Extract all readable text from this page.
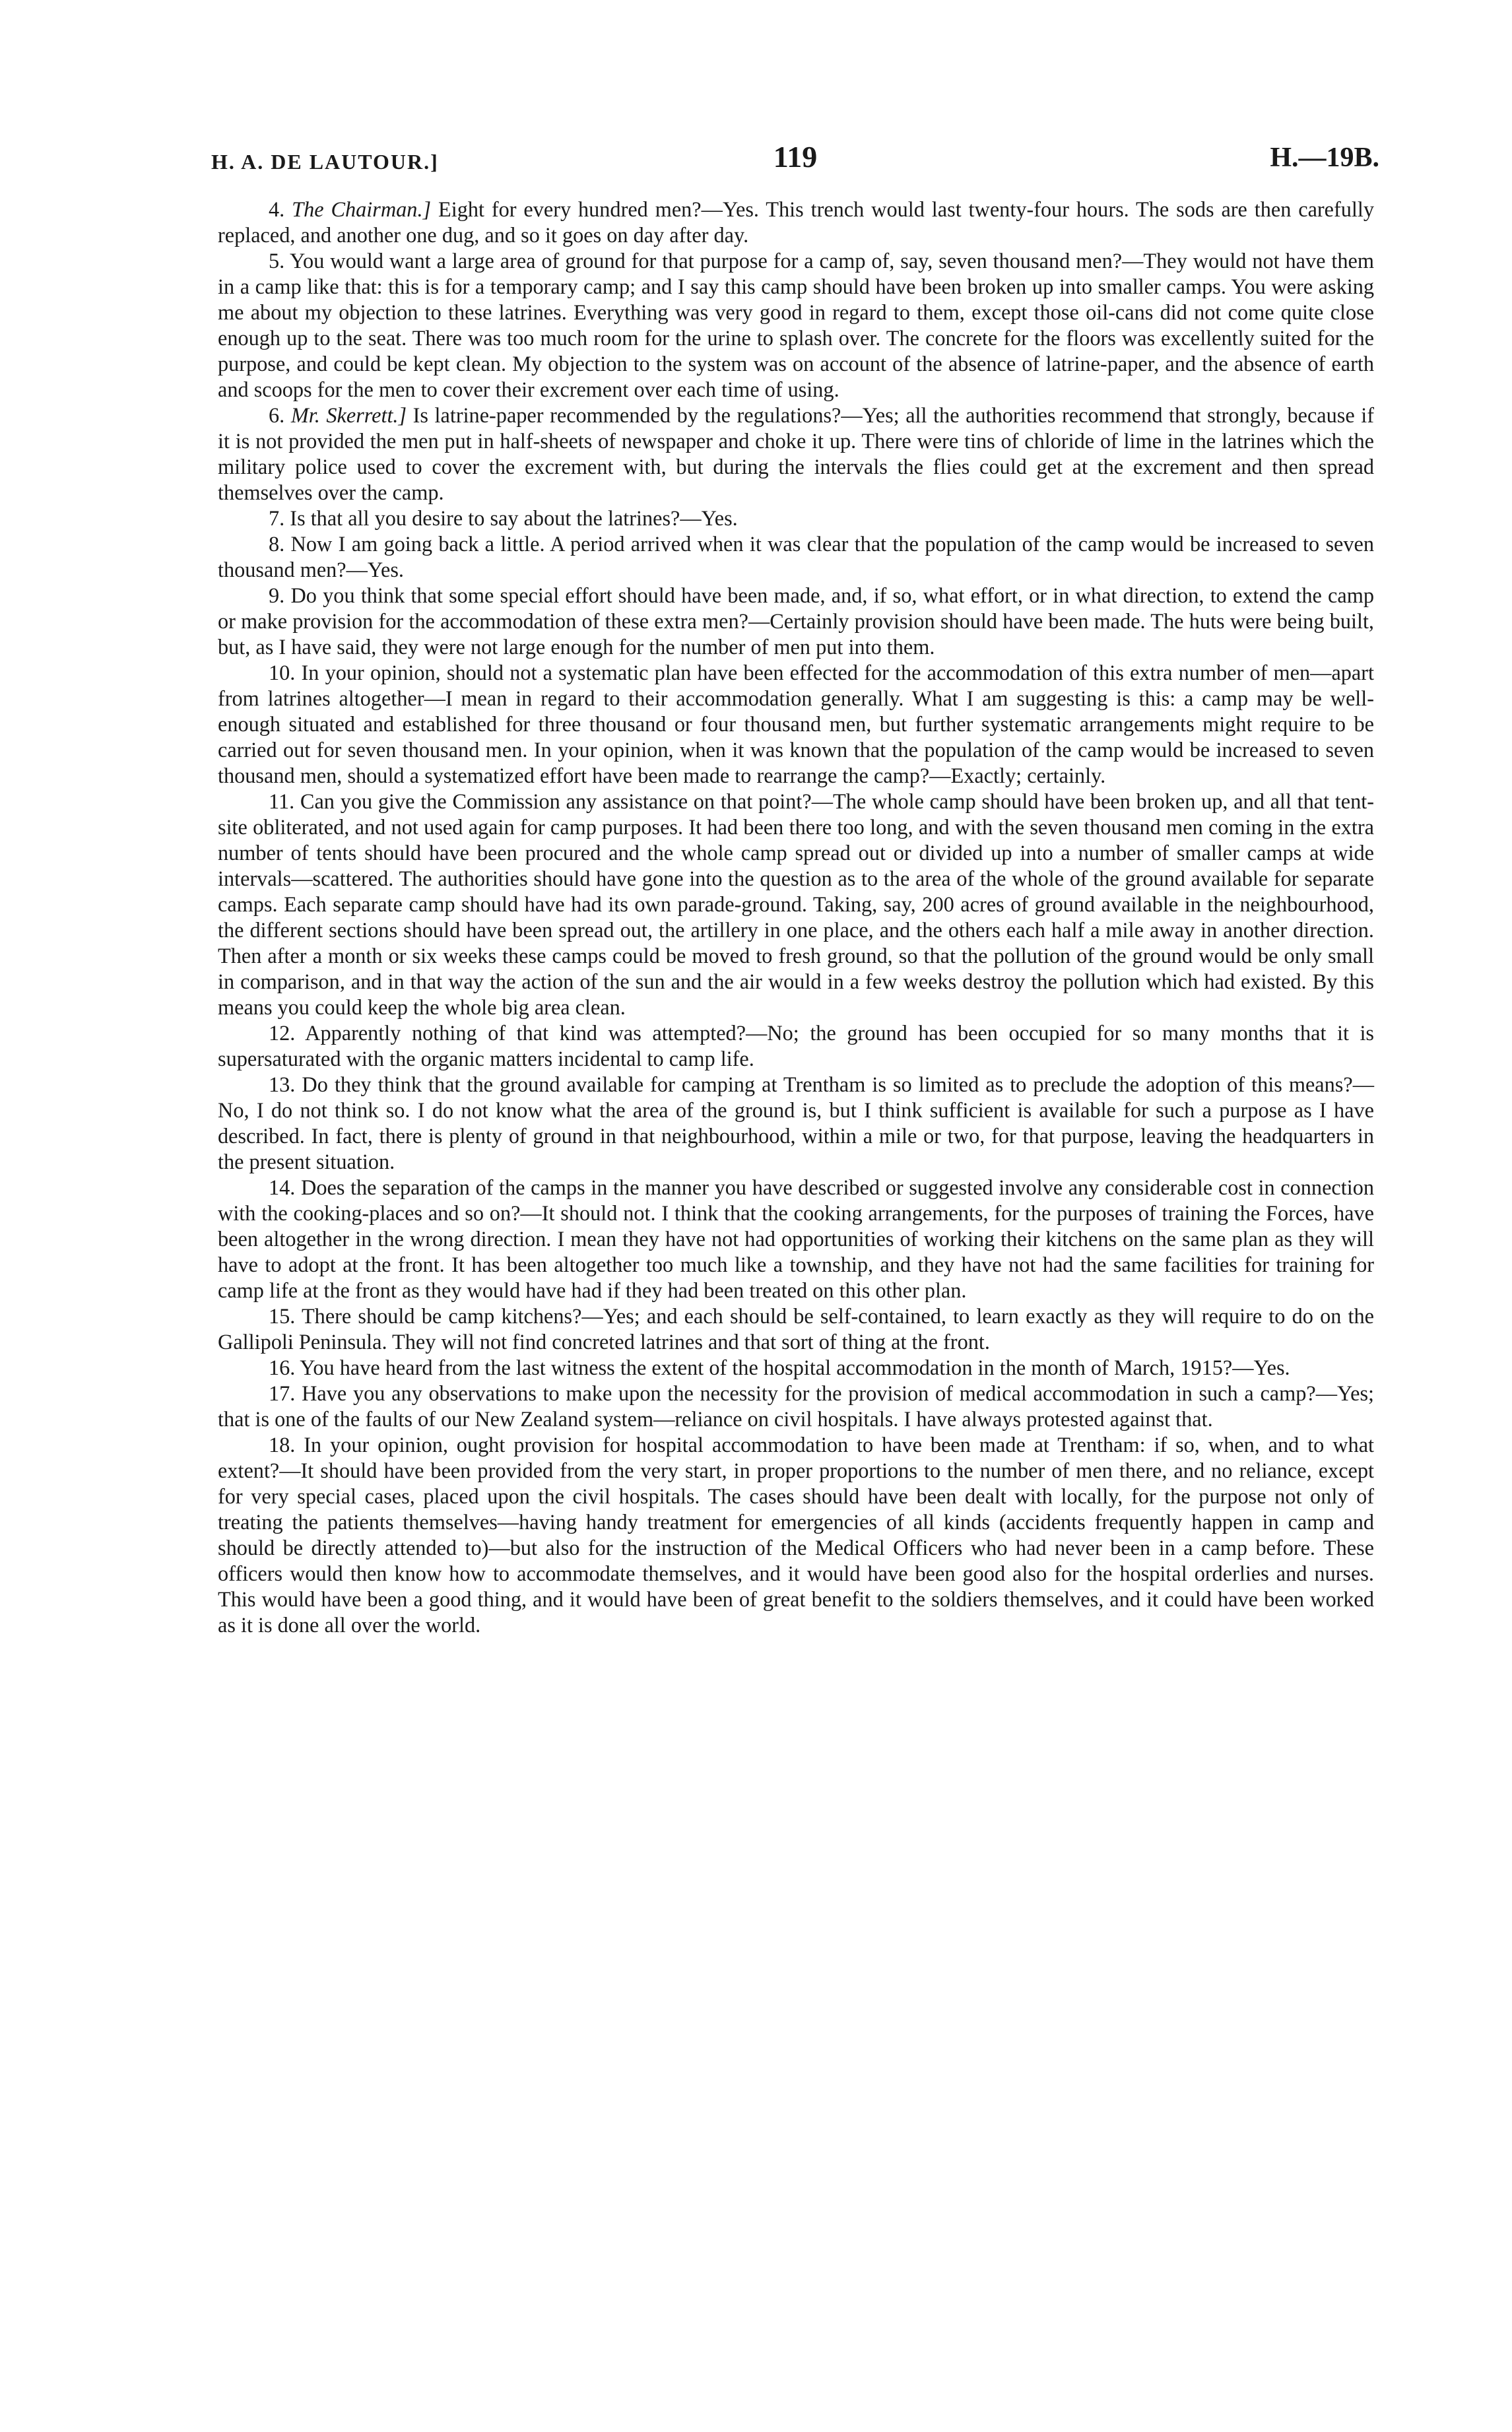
H. A. DE LAUTOUR.]	119	H.—19B.

4. The Chairman.] Eight for every hundred men?—Yes. This trench would last twenty-four hours. The sods are then carefully replaced, and another one dug, and so it goes on day after day.

5. You would want a large area of ground for that purpose for a camp of, say, seven thousand men?—They would not have them in a camp like that: this is for a temporary camp; and I say this camp should have been broken up into smaller camps. You were asking me about my objection to these latrines. Everything was very good in regard to them, except those oil-cans did not come quite close enough up to the seat. There was too much room for the urine to splash over. The concrete for the floors was excellently suited for the purpose, and could be kept clean. My objection to the system was on account of the absence of latrine-paper, and the absence of earth and scoops for the men to cover their excrement over each time of using.

6. Mr. Skerrett.] Is latrine-paper recommended by the regulations?—Yes; all the authorities recommend that strongly, because if it is not provided the men put in half-sheets of newspaper and choke it up. There were tins of chloride of lime in the latrines which the military police used to cover the excrement with, but during the intervals the flies could get at the excrement and then spread themselves over the camp.

7. Is that all you desire to say about the latrines?—Yes.

8. Now I am going back a little. A period arrived when it was clear that the population of the camp would be increased to seven thousand men?—Yes.

9. Do you think that some special effort should have been made, and, if so, what effort, or in what direction, to extend the camp or make provision for the accommodation of these extra men?—Certainly provision should have been made. The huts were being built, but, as I have said, they were not large enough for the number of men put into them.

10. In your opinion, should not a systematic plan have been effected for the accommodation of this extra number of men—apart from latrines altogether—I mean in regard to their accommodation generally. What I am suggesting is this: a camp may be well-enough situated and established for three thousand or four thousand men, but further systematic arrangements might require to be carried out for seven thousand men. In your opinion, when it was known that the population of the camp would be increased to seven thousand men, should a systematized effort have been made to rearrange the camp?—Exactly; certainly.

11. Can you give the Commission any assistance on that point?—The whole camp should have been broken up, and all that tent-site obliterated, and not used again for camp purposes. It had been there too long, and with the seven thousand men coming in the extra number of tents should have been procured and the whole camp spread out or divided up into a number of smaller camps at wide intervals—scattered. The authorities should have gone into the question as to the area of the whole of the ground available for separate camps. Each separate camp should have had its own parade-ground. Taking, say, 200 acres of ground available in the neighbourhood, the different sections should have been spread out, the artillery in one place, and the others each half a mile away in another direction. Then after a month or six weeks these camps could be moved to fresh ground, so that the pollution of the ground would be only small in comparison, and in that way the action of the sun and the air would in a few weeks destroy the pollution which had existed. By this means you could keep the whole big area clean.

12. Apparently nothing of that kind was attempted?—No; the ground has been occupied for so many months that it is supersaturated with the organic matters incidental to camp life.

13. Do they think that the ground available for camping at Trentham is so limited as to preclude the adoption of this means?—No, I do not think so. I do not know what the area of the ground is, but I think sufficient is available for such a purpose as I have described. In fact, there is plenty of ground in that neighbourhood, within a mile or two, for that purpose, leaving the headquarters in the present situation.

14. Does the separation of the camps in the manner you have described or suggested involve any considerable cost in connection with the cooking-places and so on?—It should not. I think that the cooking arrangements, for the purposes of training the Forces, have been altogether in the wrong direction. I mean they have not had opportunities of working their kitchens on the same plan as they will have to adopt at the front. It has been altogether too much like a township, and they have not had the same facilities for training for camp life at the front as they would have had if they had been treated on this other plan.

15. There should be camp kitchens?—Yes; and each should be self-contained, to learn exactly as they will require to do on the Gallipoli Peninsula. They will not find concreted latrines and that sort of thing at the front.

16. You have heard from the last witness the extent of the hospital accommodation in the month of March, 1915?—Yes.

17. Have you any observations to make upon the necessity for the provision of medical accommodation in such a camp?—Yes; that is one of the faults of our New Zealand system—reliance on civil hospitals. I have always protested against that.

18. In your opinion, ought provision for hospital accommodation to have been made at Trentham: if so, when, and to what extent?—It should have been provided from the very start, in proper proportions to the number of men there, and no reliance, except for very special cases, placed upon the civil hospitals. The cases should have been dealt with locally, for the purpose not only of treating the patients themselves—having handy treatment for emergencies of all kinds (accidents frequently happen in camp and should be directly attended to)—but also for the instruction of the Medical Officers who had never been in a camp before. These officers would then know how to accommodate themselves, and it would have been good also for the hospital orderlies and nurses. This would have been a good thing, and it would have been of great benefit to the soldiers themselves, and it could have been worked as it is done all over the world.
